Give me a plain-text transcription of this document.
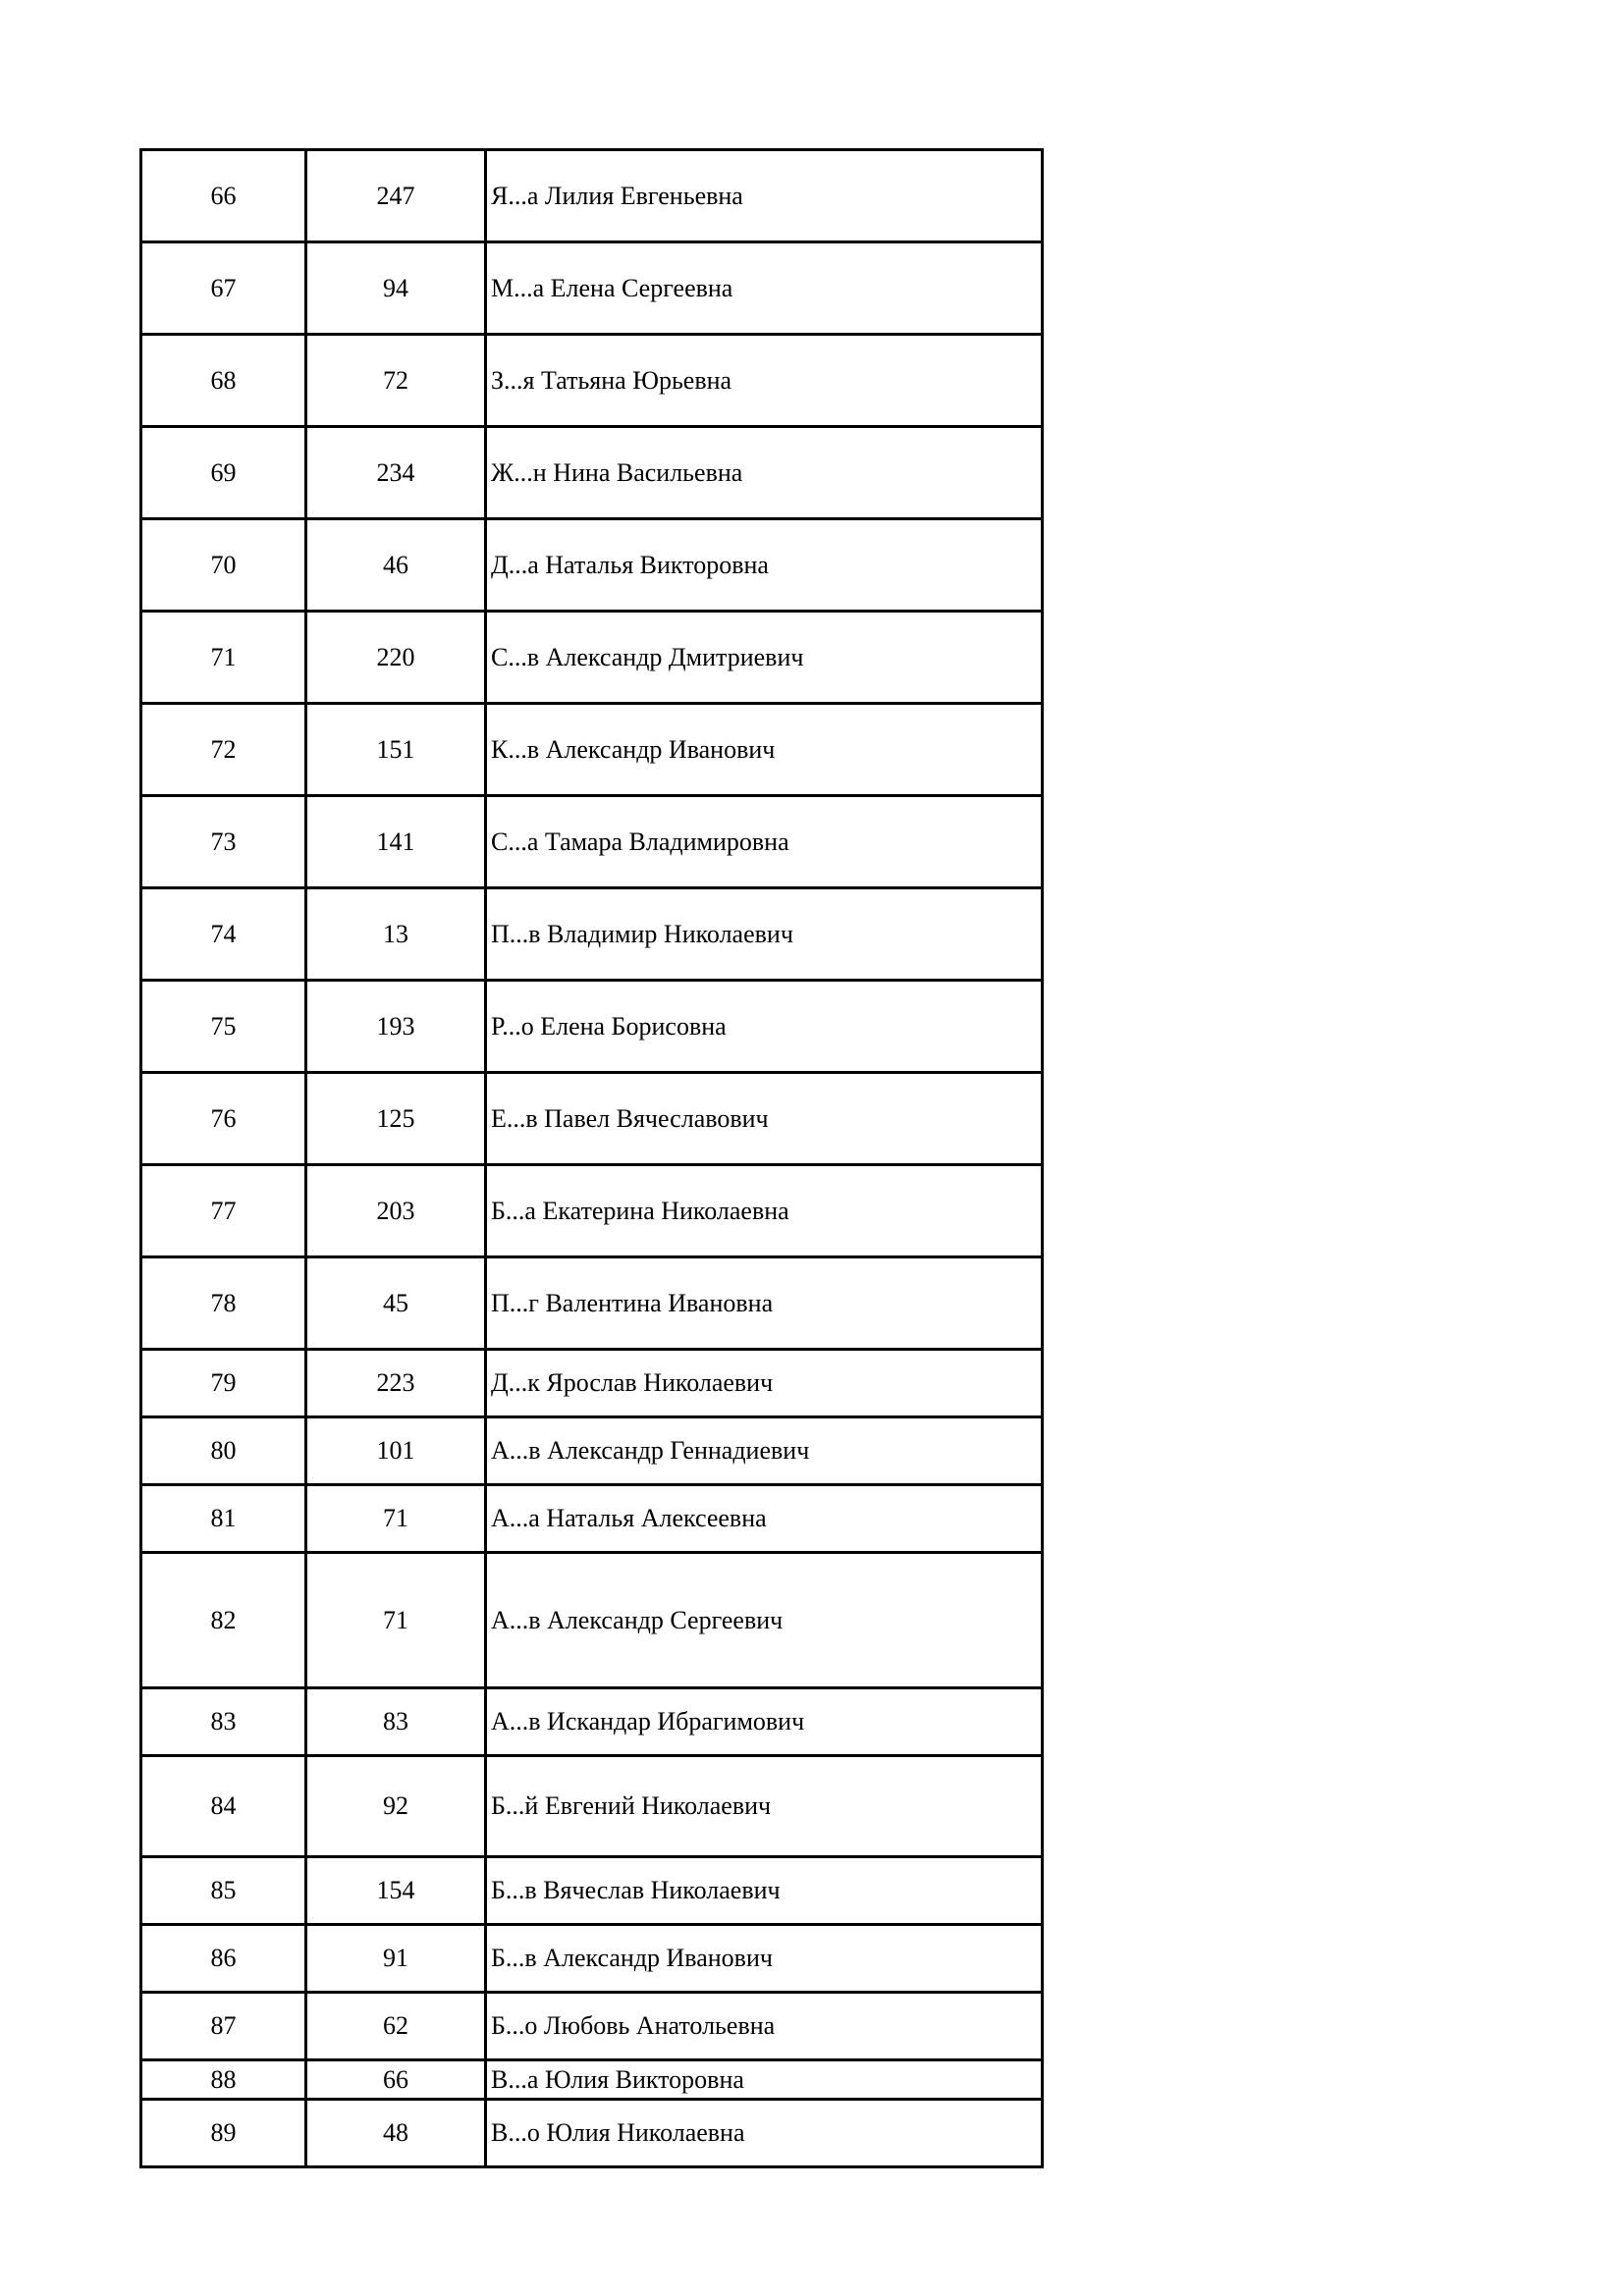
66	247	Я...а Лилия Евгеньевна
67	94	М...а Елена Сергеевна
68	72	З...я Татьяна Юрьевна
69	234	Ж...н Нина Васильевна
70	46	Д...а Наталья Викторовна
71	220	С...в Александр Дмитриевич
72	151	К...в Александр Иванович
73	141	С...а Тамара Владимировна
74	13	П...в Владимир Николаевич
75	193	Р...о Елена Борисовна
76	125	Е...в Павел Вячеславович
77	203	Б...а Екатерина Николаевна
78	45	П...г Валентина Ивановна
79	223	Д...к Ярослав Николаевич
80	101	А...в Александр Геннадиевич
81	71	А...а Наталья Алексеевна
82	71	А...в Александр Сергеевич
83	83	А...в Искандар Ибрагимович
84	92	Б...й Евгений Николаевич
85	154	Б...в Вячеслав Николаевич
86	91	Б...в Александр Иванович
87	62	Б...о Любовь Анатольевна
88	66	В...а Юлия Викторовна
89	48	В...о Юлия Николаевна
